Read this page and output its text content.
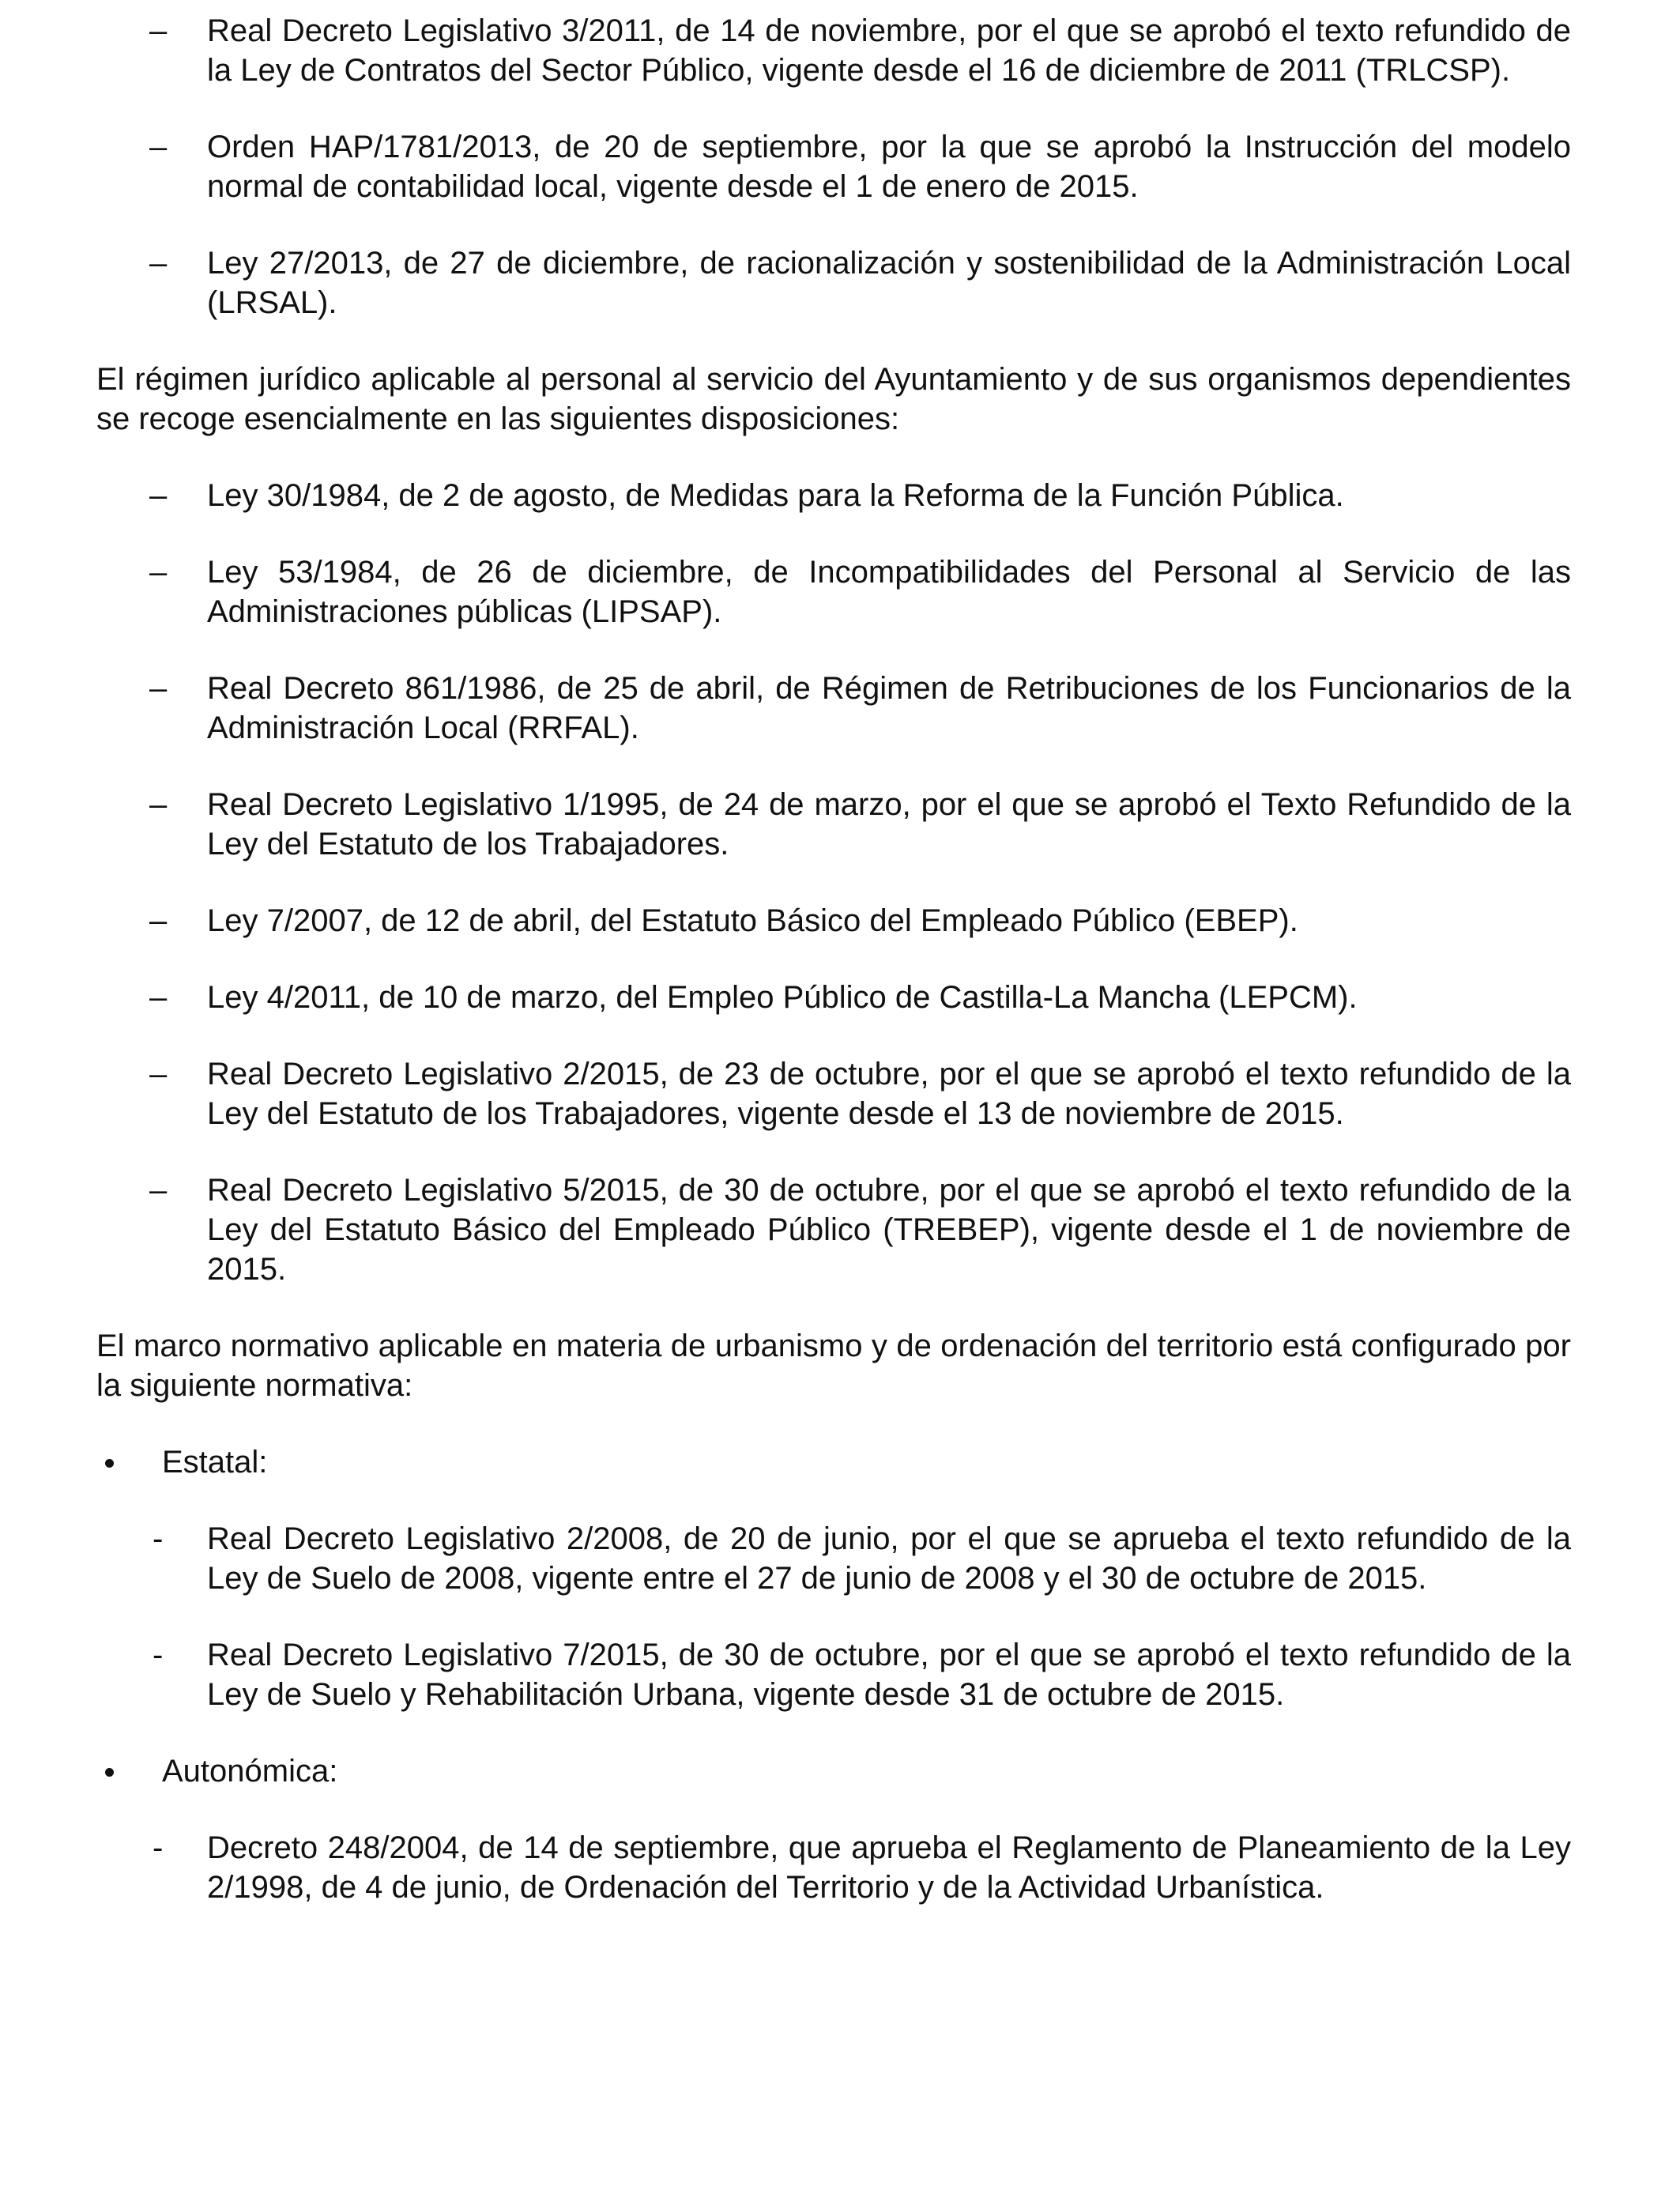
–	Real Decreto Legislativo 3/2011, de 14 de noviembre, por el que se aprobó el texto refundido de la Ley de Contratos del Sector Público, vigente desde el 16 de diciembre de 2011 (TRLCSP).
–	Orden HAP/1781/2013, de 20 de septiembre, por la que se aprobó la Instrucción del modelo normal de contabilidad local, vigente desde el 1 de enero de 2015.
–	Ley 27/2013, de 27 de diciembre, de racionalización y sostenibilidad de la Administración Local (LRSAL).

El régimen jurídico aplicable al personal al servicio del Ayuntamiento y de sus organismos dependientes se recoge esencialmente en las siguientes disposiciones:

–	Ley 30/1984, de 2 de agosto, de Medidas para la Reforma de la Función Pública.
–	Ley 53/1984, de 26 de diciembre, de Incompatibilidades del Personal al Servicio de las Administraciones públicas (LIPSAP).
–	Real Decreto 861/1986, de 25 de abril, de Régimen de Retribuciones de los Funcionarios de la Administración Local (RRFAL).
–	Real Decreto Legislativo 1/1995, de 24 de marzo, por el que se aprobó el Texto Refundido de la Ley del Estatuto de los Trabajadores.
–	Ley 7/2007, de 12 de abril, del Estatuto Básico del Empleado Público (EBEP).
–	Ley 4/2011, de 10 de marzo, del Empleo Público de Castilla-La Mancha (LEPCM).
–	Real Decreto Legislativo 2/2015, de 23 de octubre, por el que se aprobó el texto refundido de la Ley del Estatuto de los Trabajadores, vigente desde el 13 de noviembre de 2015.
–	Real Decreto Legislativo 5/2015, de 30 de octubre, por el que se aprobó el texto refundido de la Ley del Estatuto Básico del Empleado Público (TREBEP), vigente desde el 1 de noviembre de 2015.

El marco normativo aplicable en materia de urbanismo y de ordenación del territorio está configurado por la siguiente normativa:

Estatal:
-	Real Decreto Legislativo 2/2008, de 20 de junio, por el que se aprueba el texto refundido de la Ley de Suelo de 2008, vigente entre el 27 de junio de 2008 y el 30 de octubre de 2015.
-	Real Decreto Legislativo 7/2015, de 30 de octubre, por el que se aprobó el texto refundido de la Ley de Suelo y Rehabilitación Urbana, vigente desde 31 de octubre de 2015.
Autonómica:
-	Decreto 248/2004, de 14 de septiembre, que aprueba el Reglamento de Planeamiento de la Ley 2/1998, de 4 de junio, de Ordenación del Territorio y de la Actividad Urbanística.
